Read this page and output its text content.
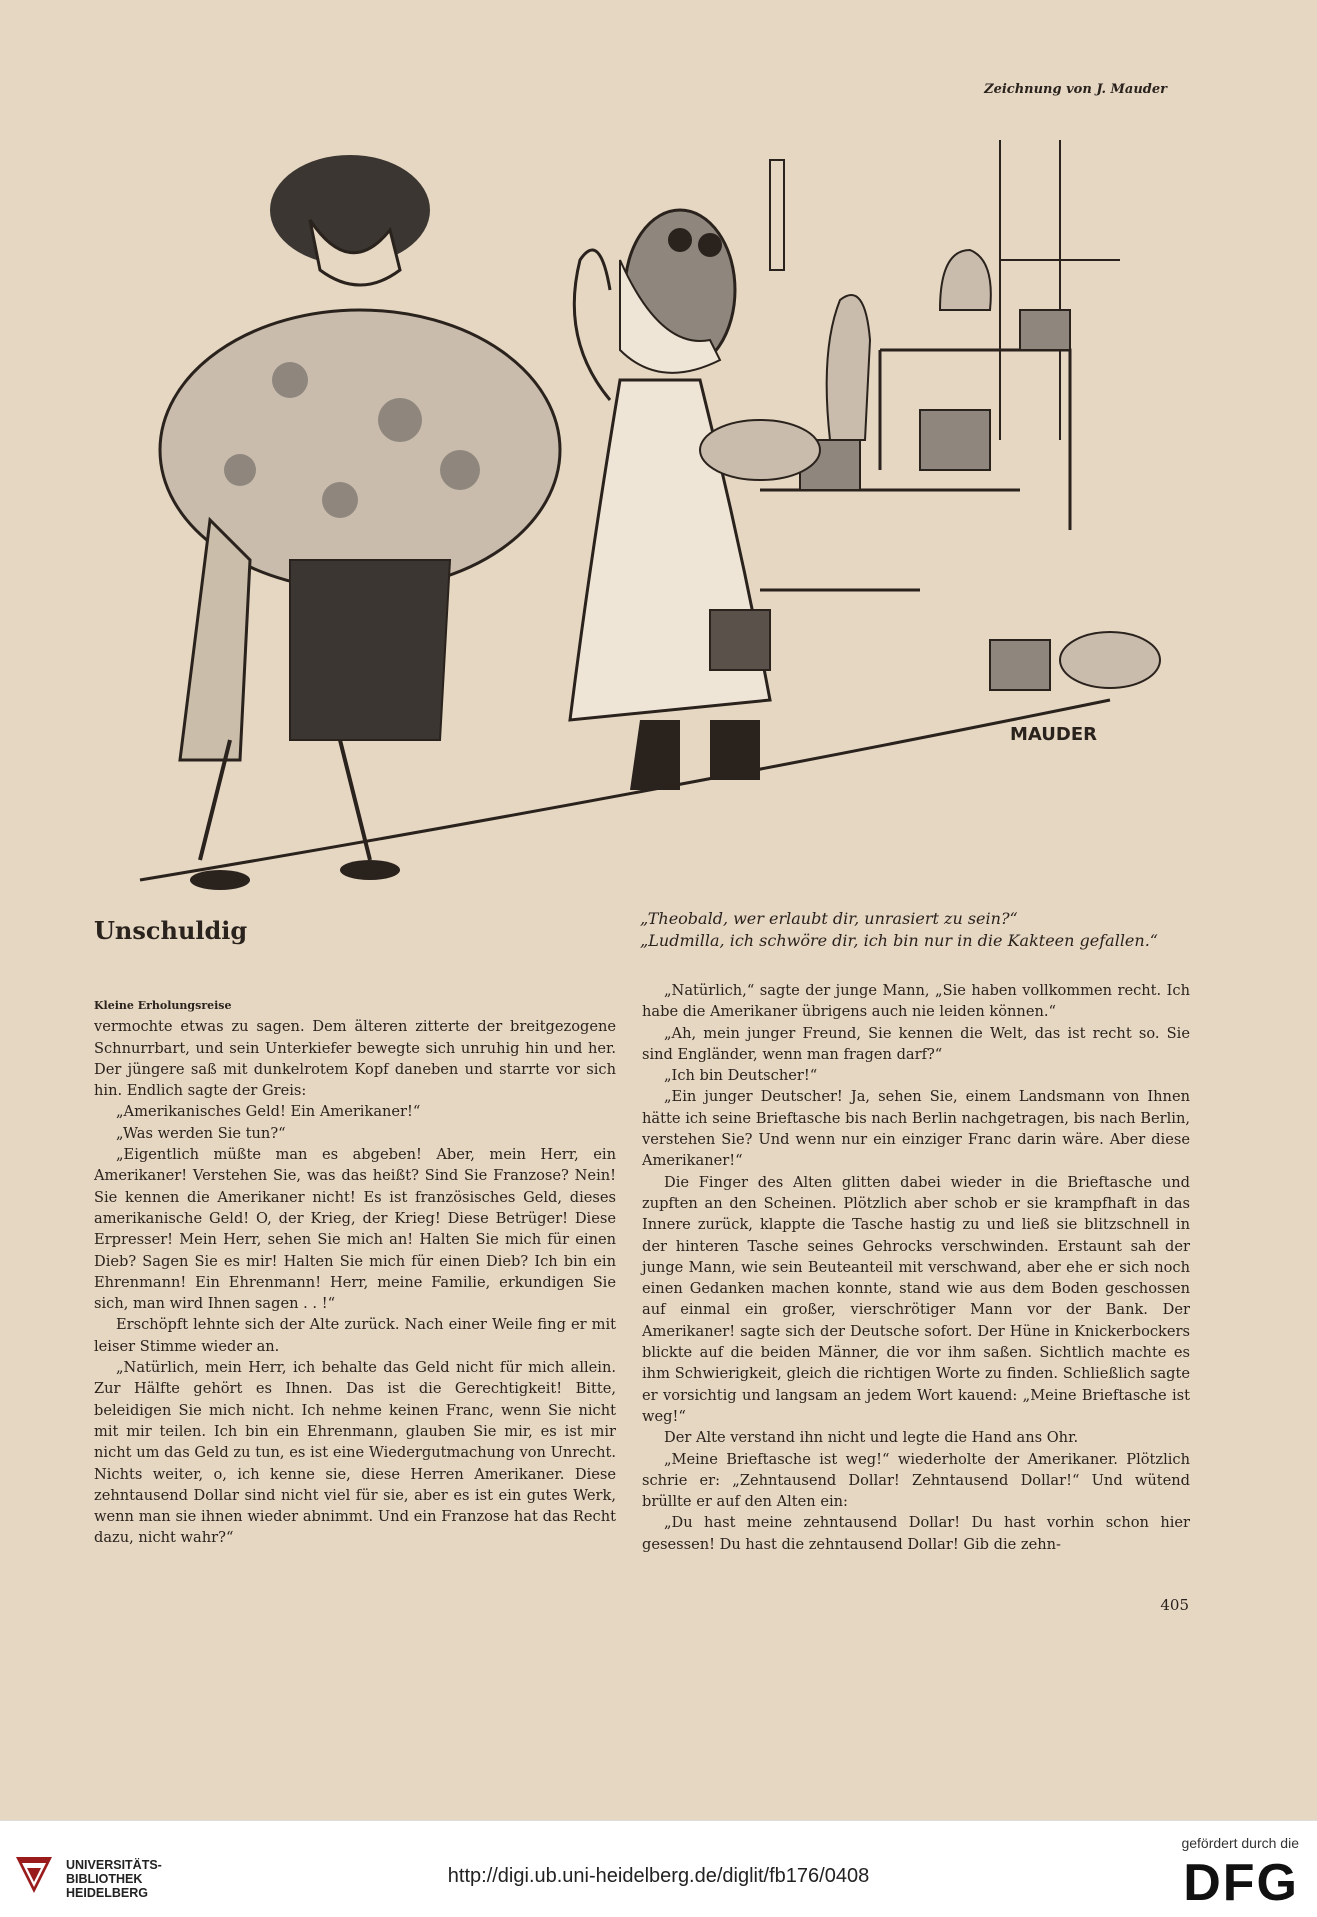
Zeichnung von J. Mauder
MAUDER

„Theobald, wer erlaubt dir, unrasiert zu sein?“

„Ludmilla, ich schwöre dir, ich bin nur in die Kakteen gefallen.“

Unschuldig

Kleine Erholungsreise

vermochte etwas zu sagen. Dem älteren zitterte der breitgezogene Schnurrbart, und sein Unterkiefer bewegte sich unruhig hin und her. Der jüngere saß mit dunkelrotem Kopf daneben und starrte vor sich hin. Endlich sagte der Greis:

„Amerikanisches Geld! Ein Amerikaner!“

„Was werden Sie tun?“

„Eigentlich müßte man es abgeben! Aber, mein Herr, ein Amerikaner! Verstehen Sie, was das heißt? Sind Sie Franzose? Nein! Sie kennen die Amerikaner nicht! Es ist französisches Geld, dieses amerikanische Geld! O, der Krieg, der Krieg! Diese Betrüger! Diese Erpresser! Mein Herr, sehen Sie mich an! Halten Sie mich für einen Dieb? Sagen Sie es mir! Halten Sie mich für einen Dieb? Ich bin ein Ehrenmann! Ein Ehrenmann! Herr, meine Familie, erkundigen Sie sich, man wird Ihnen sagen . . !“

Erschöpft lehnte sich der Alte zurück. Nach einer Weile fing er mit leiser Stimme wieder an.

„Natürlich, mein Herr, ich behalte das Geld nicht für mich allein. Zur Hälfte gehört es Ihnen. Das ist die Gerechtigkeit! Bitte, beleidigen Sie mich nicht. Ich nehme keinen Franc, wenn Sie nicht mit mir teilen. Ich bin ein Ehrenmann, glauben Sie mir, es ist mir nicht um das Geld zu tun, es ist eine Wiedergutmachung von Unrecht. Nichts weiter, o, ich kenne sie, diese Herren Amerikaner. Diese zehntausend Dollar sind nicht viel für sie, aber es ist ein gutes Werk, wenn man sie ihnen wieder abnimmt. Und ein Franzose hat das Recht dazu, nicht wahr?“

„Natürlich,“ sagte der junge Mann, „Sie haben vollkommen recht. Ich habe die Amerikaner übrigens auch nie leiden können.“

„Ah, mein junger Freund, Sie kennen die Welt, das ist recht so. Sie sind Engländer, wenn man fragen darf?“

„Ich bin Deutscher!“

„Ein junger Deutscher! Ja, sehen Sie, einem Landsmann von Ihnen hätte ich seine Brieftasche bis nach Berlin nachgetragen, bis nach Berlin, verstehen Sie? Und wenn nur ein einziger Franc darin wäre. Aber diese Amerikaner!“

Die Finger des Alten glitten dabei wieder in die Brieftasche und zupften an den Scheinen. Plötzlich aber schob er sie krampfhaft in das Innere zurück, klappte die Tasche hastig zu und ließ sie blitzschnell in der hinteren Tasche seines Gehrocks verschwinden. Erstaunt sah der junge Mann, wie sein Beuteanteil mit verschwand, aber ehe er sich noch einen Gedanken machen konnte, stand wie aus dem Boden geschossen auf einmal ein großer, vierschrötiger Mann vor der Bank. Der Amerikaner! sagte sich der Deutsche sofort. Der Hüne in Knickerbockers blickte auf die beiden Männer, die vor ihm saßen. Sichtlich machte es ihm Schwierigkeit, gleich die richtigen Worte zu finden. Schließlich sagte er vorsichtig und langsam an jedem Wort kauend: „Meine Brieftasche ist weg!“

Der Alte verstand ihn nicht und legte die Hand ans Ohr.

„Meine Brieftasche ist weg!“ wiederholte der Amerikaner. Plötzlich schrie er: „Zehntausend Dollar! Zehntausend Dollar!“ Und wütend brüllte er auf den Alten ein:

„Du hast meine zehntausend Dollar! Du hast vorhin schon hier gesessen! Du hast die zehntausend Dollar! Gib die zehn-

405
UNIVERSITÄTS-
BIBLIOTHEK
HEIDELBERG
http://digi.ub.uni-heidelberg.de/diglit/fb176/0408
gefördert durch die
DFG
